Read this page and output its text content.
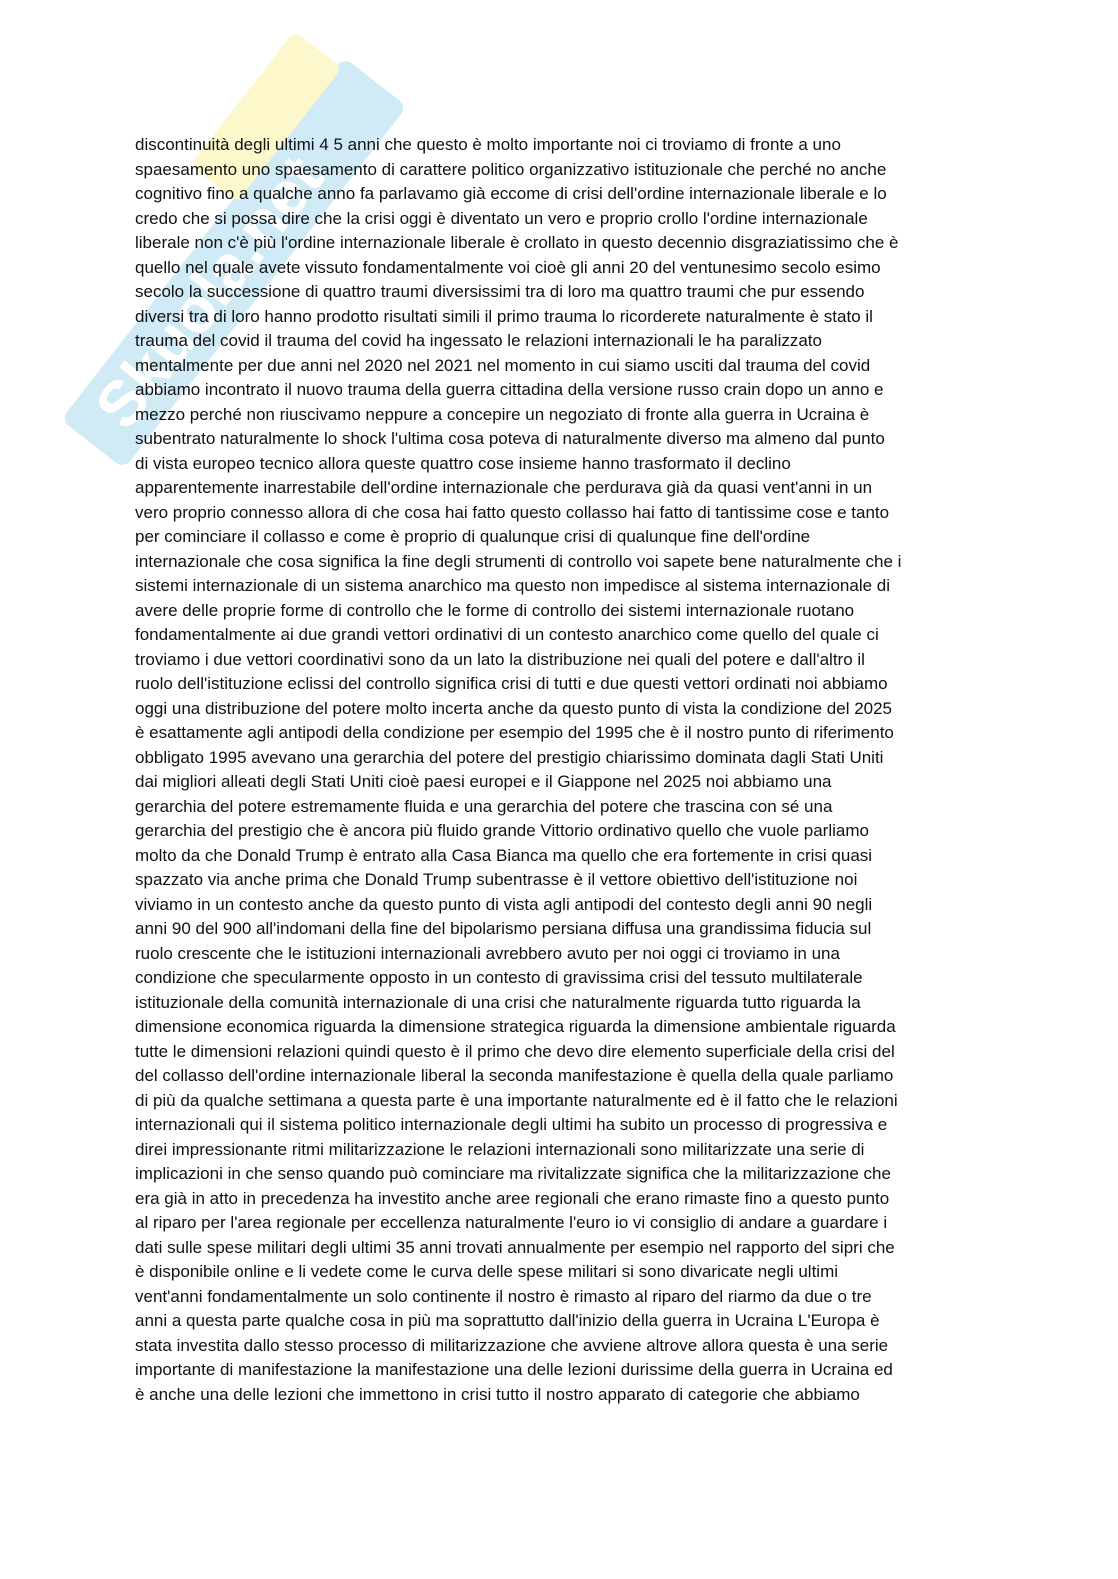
Skuola.net
discontinuità degli ultimi 4 5 anni che questo è molto importante noi ci troviamo di fronte a uno
spaesamento uno spaesamento di carattere politico organizzativo istituzionale che perché no anche
cognitivo fino a qualche anno fa parlavamo già eccome di crisi dell'ordine internazionale liberale e lo
credo che si possa dire che la crisi oggi è diventato un vero e proprio crollo l'ordine internazionale
liberale non c'è più l'ordine internazionale liberale è crollato in questo decennio disgraziatissimo che è
quello nel quale avete vissuto fondamentalmente voi cioè gli anni 20 del ventunesimo secolo esimo
secolo la successione di quattro traumi diversissimi tra di loro ma quattro traumi che pur essendo
diversi tra di loro hanno prodotto risultati simili il primo trauma lo ricorderete naturalmente è stato il
trauma del covid il trauma del covid ha ingessato le relazioni internazionali le ha paralizzato
mentalmente per due anni nel 2020 nel 2021 nel momento in cui siamo usciti dal trauma del covid
abbiamo incontrato il nuovo trauma della guerra cittadina della versione russo crain dopo un anno e
mezzo perché non riuscivamo neppure a concepire un negoziato di fronte alla guerra in Ucraina è
subentrato naturalmente lo shock l'ultima cosa poteva di naturalmente diverso ma almeno dal punto
di vista europeo tecnico allora queste quattro cose insieme hanno trasformato il declino
apparentemente inarrestabile dell'ordine internazionale che perdurava già da quasi vent'anni in un
vero proprio connesso allora di che cosa hai fatto questo collasso hai fatto di tantissime cose e tanto
per cominciare il collasso e come è proprio di qualunque crisi di qualunque fine dell'ordine
internazionale che cosa significa la fine degli strumenti di controllo voi sapete bene naturalmente che i
sistemi internazionale di un sistema anarchico ma questo non impedisce al sistema internazionale di
avere delle proprie forme di controllo che le forme di controllo dei sistemi internazionale ruotano
fondamentalmente ai due grandi vettori ordinativi di un contesto anarchico come quello del quale ci
troviamo i due vettori coordinativi sono da un lato la distribuzione nei quali del potere e dall'altro il
ruolo dell'istituzione eclissi del controllo significa crisi di tutti e due questi vettori ordinati noi abbiamo
oggi una distribuzione del potere molto incerta anche da questo punto di vista la condizione del 2025
è esattamente agli antipodi della condizione per esempio del 1995 che è il nostro punto di riferimento
obbligato 1995 avevano una gerarchia del potere del prestigio chiarissimo dominata dagli Stati Uniti
dai migliori alleati degli Stati Uniti cioè paesi europei e il Giappone nel 2025 noi abbiamo una
gerarchia del potere estremamente fluida e una gerarchia del potere che trascina con sé una
gerarchia del prestigio che è ancora più fluido grande Vittorio ordinativo quello che vuole parliamo
molto da che Donald Trump è entrato alla Casa Bianca ma quello che era fortemente in crisi quasi
spazzato via anche prima che Donald Trump subentrasse è il vettore obiettivo dell'istituzione noi
viviamo in un contesto anche da questo punto di vista agli antipodi del contesto degli anni 90 negli
anni 90 del 900 all'indomani della fine del bipolarismo persiana diffusa una grandissima fiducia sul
ruolo crescente che le istituzioni internazionali avrebbero avuto per noi oggi ci troviamo in una
condizione che specularmente opposto in un contesto di gravissima crisi del tessuto multilaterale
istituzionale della comunità internazionale di una crisi che naturalmente riguarda tutto riguarda la
dimensione economica riguarda la dimensione strategica riguarda la dimensione ambientale riguarda
tutte le dimensioni relazioni quindi questo è il primo che devo dire elemento superficiale della crisi del
del collasso dell'ordine internazionale liberal la seconda manifestazione è quella della quale parliamo
di più da qualche settimana a questa parte è una importante naturalmente ed è il fatto che le relazioni
internazionali qui il sistema politico internazionale degli ultimi ha subito un processo di progressiva e
direi impressionante ritmi militarizzazione le relazioni internazionali sono militarizzate una serie di
implicazioni in che senso quando può cominciare ma rivitalizzate significa che la militarizzazione che
era già in atto in precedenza ha investito anche aree regionali che erano rimaste fino a questo punto
al riparo per l'area regionale per eccellenza naturalmente l'euro io vi consiglio di andare a guardare i
dati sulle spese militari degli ultimi 35 anni trovati annualmente per esempio nel rapporto del sipri che
è disponibile online e li vedete come le curva delle spese militari si sono divaricate negli ultimi
vent'anni fondamentalmente un solo continente il nostro è rimasto al riparo del riarmo da due o tre
anni a questa parte qualche cosa in più ma soprattutto dall'inizio della guerra in Ucraina L'Europa è
stata investita dallo stesso processo di militarizzazione che avviene altrove allora questa è una serie
importante di manifestazione la manifestazione una delle lezioni durissime della guerra in Ucraina ed
è anche una delle lezioni che immettono in crisi tutto il nostro apparato di categorie che abbiamo
